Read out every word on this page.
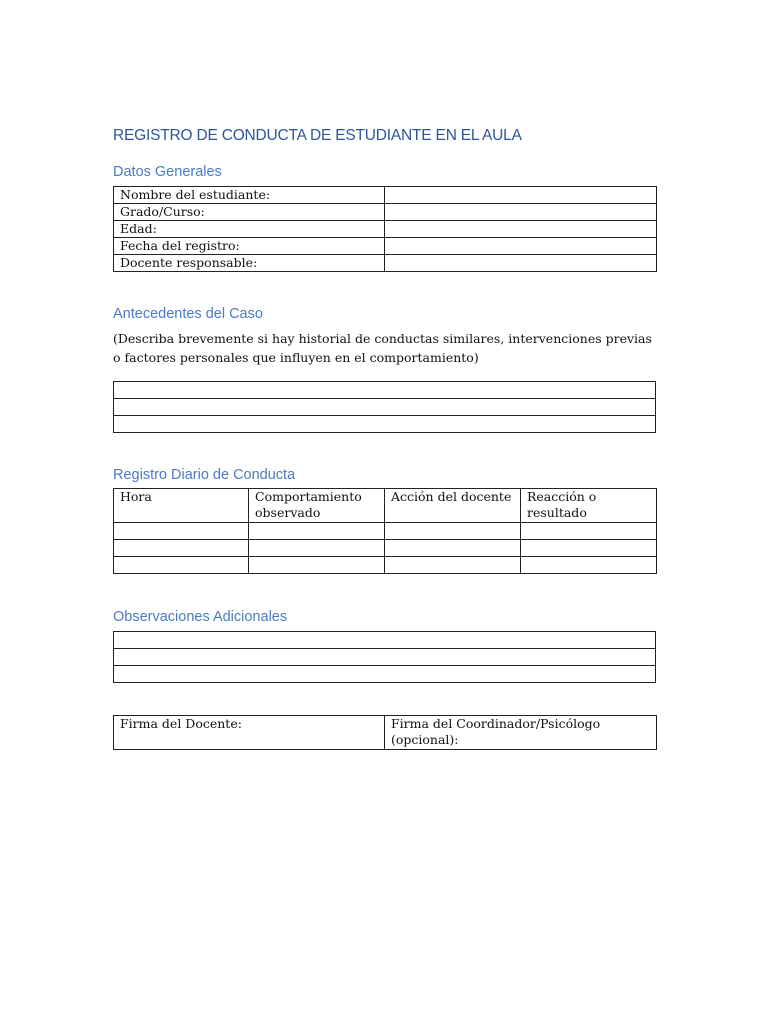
REGISTRO DE CONDUCTA DE ESTUDIANTE EN EL AULA
Datos Generales
Nombre del estudiante:	
Grado/Curso:	
Edad:	
Fecha del registro:	
Docente responsable:	
Antecedentes del Caso
(Describa brevemente si hay historial de conductas similares, intervenciones previas o factores personales que influyen en el comportamiento)

Registro Diario de Conducta
Hora	Comportamiento observado	Acción del docente	Reacción o resultado

Observaciones Adicionales

Firma del Docente:	Firma del Coordinador/Psicólogo (opcional):
